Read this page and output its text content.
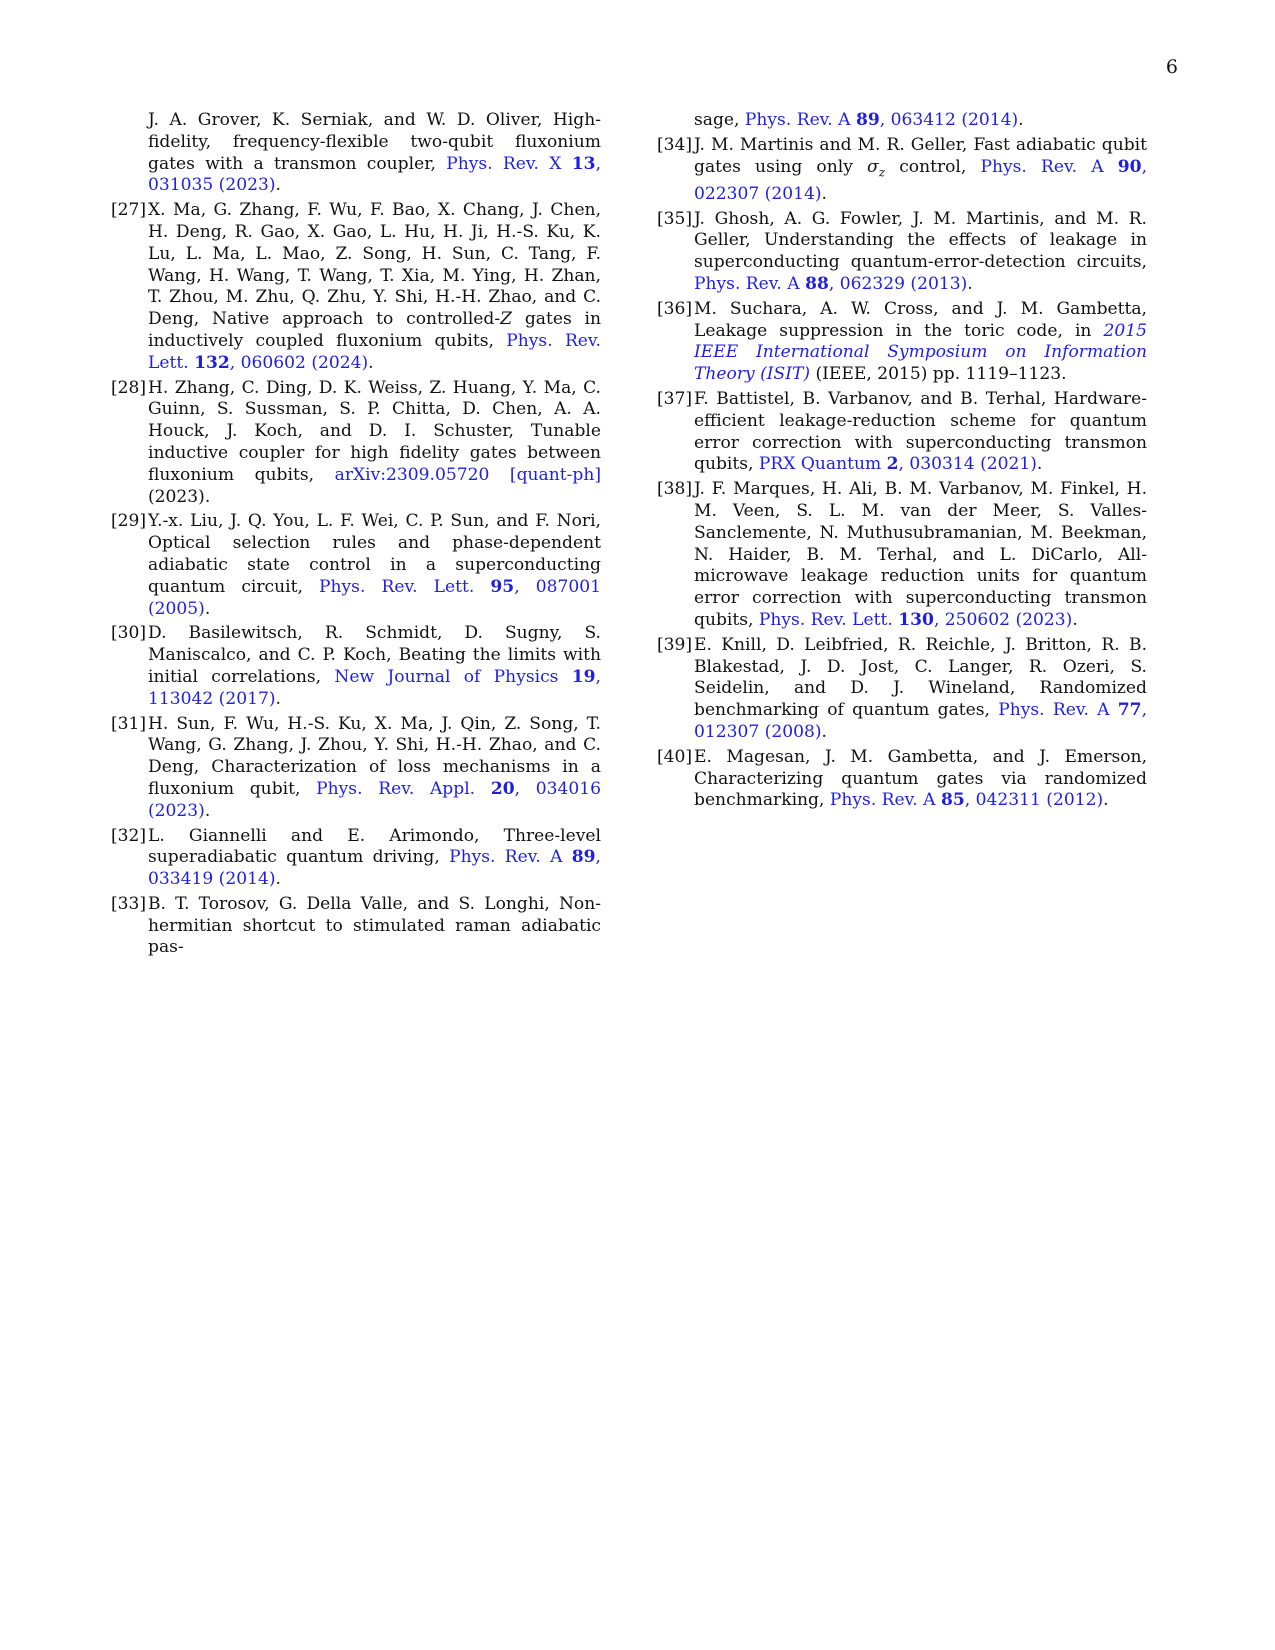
6
J. A. Grover, K. Serniak, and W. D. Oliver, High-fidelity, frequency-flexible two-qubit fluxonium gates with a transmon coupler, Phys. Rev. X 13, 031035 (2023).
[27] X. Ma, G. Zhang, F. Wu, F. Bao, X. Chang, J. Chen, H. Deng, R. Gao, X. Gao, L. Hu, H. Ji, H.-S. Ku, K. Lu, L. Ma, L. Mao, Z. Song, H. Sun, C. Tang, F. Wang, H. Wang, T. Wang, T. Xia, M. Ying, H. Zhan, T. Zhou, M. Zhu, Q. Zhu, Y. Shi, H.-H. Zhao, and C. Deng, Native approach to controlled-Z gates in inductively coupled fluxonium qubits, Phys. Rev. Lett. 132, 060602 (2024).
[28] H. Zhang, C. Ding, D. K. Weiss, Z. Huang, Y. Ma, C. Guinn, S. Sussman, S. P. Chitta, D. Chen, A. A. Houck, J. Koch, and D. I. Schuster, Tunable inductive coupler for high fidelity gates between fluxonium qubits, arXiv:2309.05720 [quant-ph] (2023).
[29] Y.-x. Liu, J. Q. You, L. F. Wei, C. P. Sun, and F. Nori, Optical selection rules and phase-dependent adiabatic state control in a superconducting quantum circuit, Phys. Rev. Lett. 95, 087001 (2005).
[30] D. Basilewitsch, R. Schmidt, D. Sugny, S. Maniscalco, and C. P. Koch, Beating the limits with initial correlations, New Journal of Physics 19, 113042 (2017).
[31] H. Sun, F. Wu, H.-S. Ku, X. Ma, J. Qin, Z. Song, T. Wang, G. Zhang, J. Zhou, Y. Shi, H.-H. Zhao, and C. Deng, Characterization of loss mechanisms in a fluxonium qubit, Phys. Rev. Appl. 20, 034016 (2023).
[32] L. Giannelli and E. Arimondo, Three-level superadiabatic quantum driving, Phys. Rev. A 89, 033419 (2014).
[33] B. T. Torosov, G. Della Valle, and S. Longhi, Non-hermitian shortcut to stimulated raman adiabatic pas-
sage, Phys. Rev. A 89, 063412 (2014).
[34] J. M. Martinis and M. R. Geller, Fast adiabatic qubit gates using only $\sigma_z$ control, Phys. Rev. A 90, 022307 (2014).
[35] J. Ghosh, A. G. Fowler, J. M. Martinis, and M. R. Geller, Understanding the effects of leakage in superconducting quantum-error-detection circuits, Phys. Rev. A 88, 062329 (2013).
[36] M. Suchara, A. W. Cross, and J. M. Gambetta, Leakage suppression in the toric code, in 2015 IEEE International Symposium on Information Theory (ISIT) (IEEE, 2015) pp. 1119–1123.
[37] F. Battistel, B. Varbanov, and B. Terhal, Hardware-efficient leakage-reduction scheme for quantum error correction with superconducting transmon qubits, PRX Quantum 2, 030314 (2021).
[38] J. F. Marques, H. Ali, B. M. Varbanov, M. Finkel, H. M. Veen, S. L. M. van der Meer, S. Valles-Sanclemente, N. Muthusubramanian, M. Beekman, N. Haider, B. M. Terhal, and L. DiCarlo, All-microwave leakage reduction units for quantum error correction with superconducting transmon qubits, Phys. Rev. Lett. 130, 250602 (2023).
[39] E. Knill, D. Leibfried, R. Reichle, J. Britton, R. B. Blakestad, J. D. Jost, C. Langer, R. Ozeri, S. Seidelin, and D. J. Wineland, Randomized benchmarking of quantum gates, Phys. Rev. A 77, 012307 (2008).
[40] E. Magesan, J. M. Gambetta, and J. Emerson, Characterizing quantum gates via randomized benchmarking, Phys. Rev. A 85, 042311 (2012).
